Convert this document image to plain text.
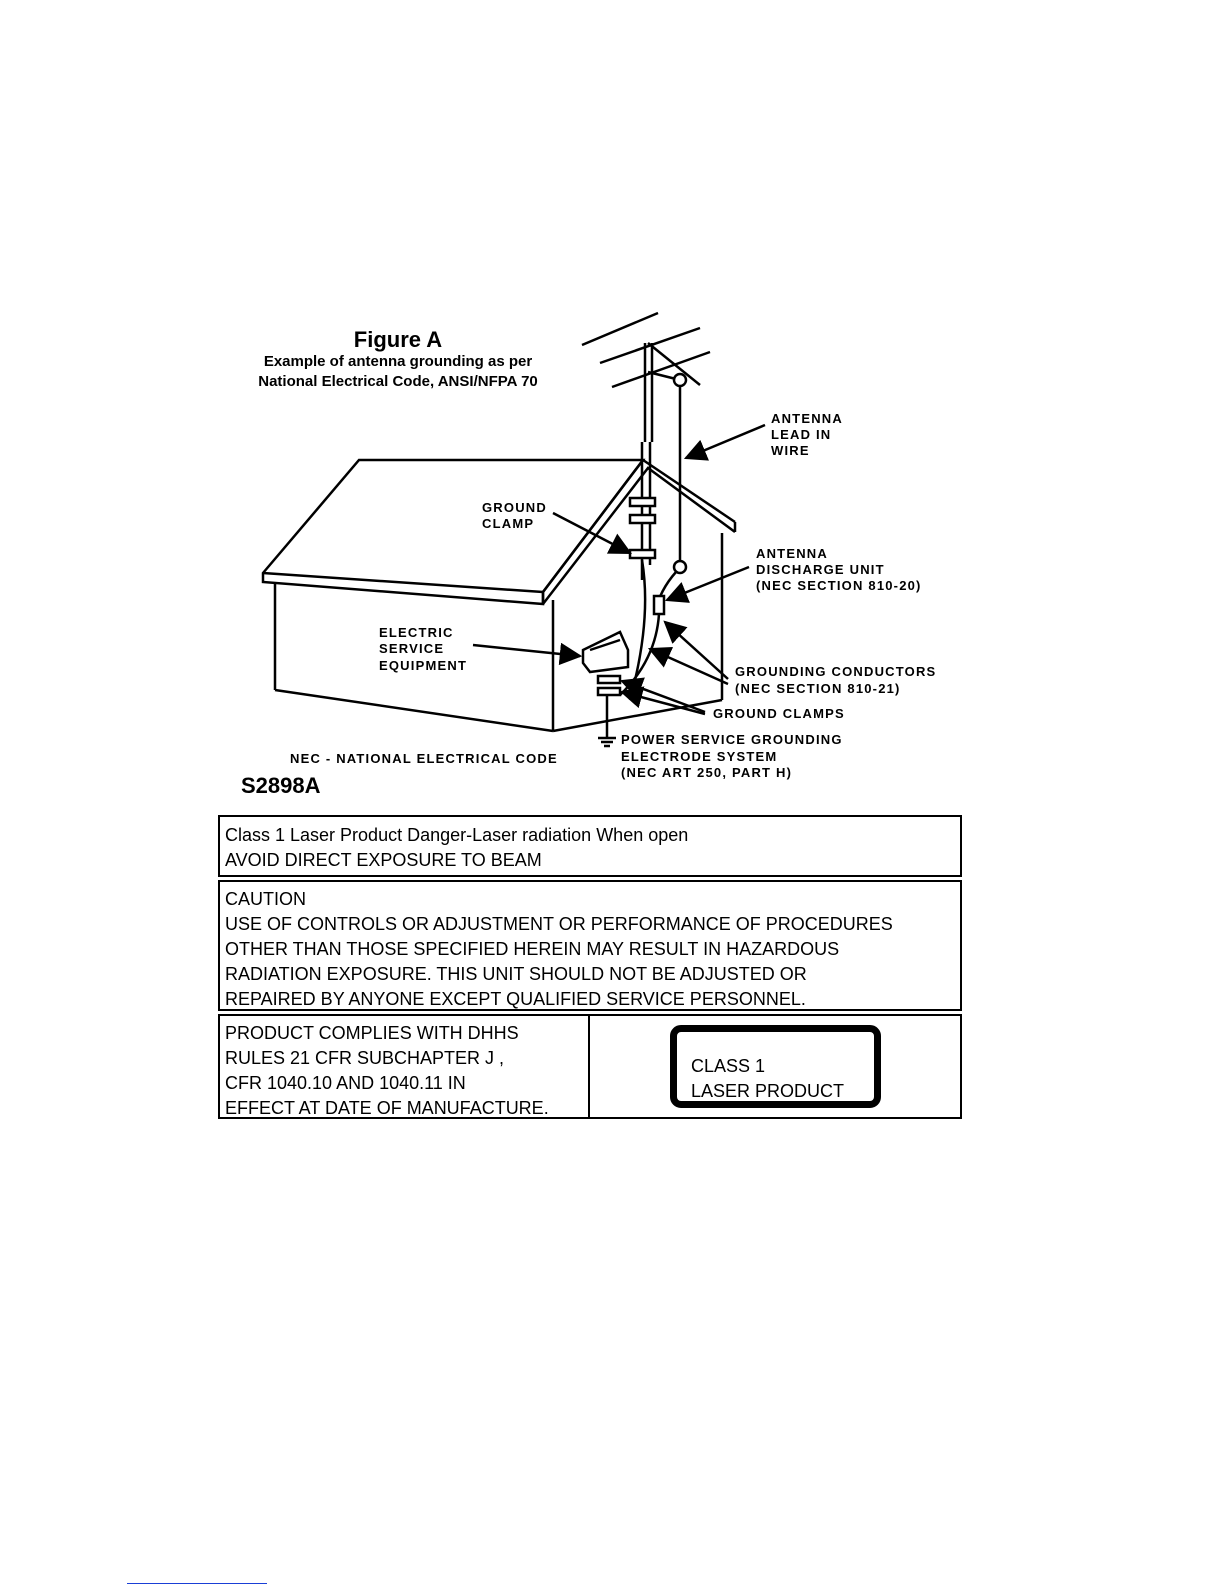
Figure A
Example of antenna grounding as per
National Electrical Code, ANSI/NFPA 70
ANTENNA
LEAD IN
WIRE
GROUND
CLAMP
ANTENNA
DISCHARGE UNIT
(NEC SECTION 810-20)
ELECTRIC
SERVICE
EQUIPMENT	GROUNDING CONDUCTORS
(NEC SECTION 810-21)
GROUND CLAMPS
POWER SERVICE GROUNDING
ELECTRODE SYSTEM
(NEC ART 250, PART H)
NEC - NATIONAL ELECTRICAL CODE
S2898A

Class 1 Laser Product Danger-Laser radiation When open

AVOID DIRECT EXPOSURE TO BEAM

CAUTION

USE OF CONTROLS OR ADJUSTMENT OR PERFORMANCE OF PROCEDURES

OTHER THAN THOSE SPECIFIED HEREIN MAY RESULT IN HAZARDOUS

RADIATION EXPOSURE. THIS UNIT SHOULD NOT BE ADJUSTED OR

REPAIRED BY ANYONE EXCEPT QUALIFIED SERVICE PERSONNEL.

PRODUCT COMPLIES WITH DHHS

RULES 21 CFR SUBCHAPTER J ,

CFR 1040.10 AND 1040.11 IN

EFFECT AT DATE OF MANUFACTURE.

CLASS 1

LASER PRODUCT
